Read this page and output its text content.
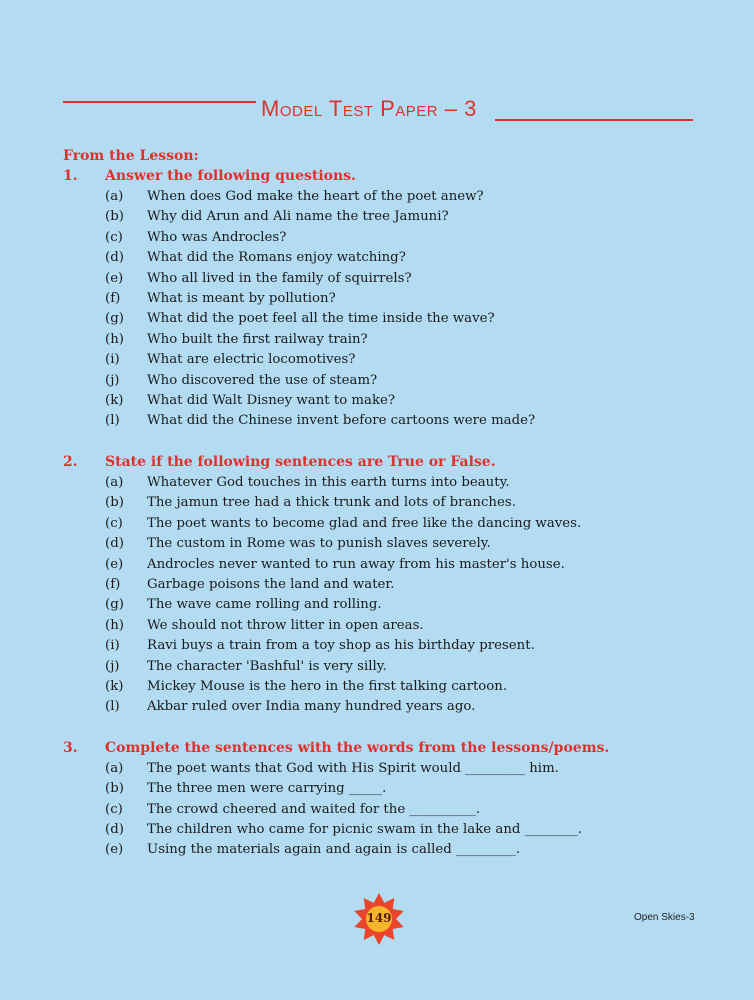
Model Test Paper – 3
From the Lesson:
1.	Answer the following questions.
(a)	When does God make the heart of the poet anew?
(b)	Why did Arun and Ali name the tree Jamuni?
(c)	Who was Androcles?
(d)	What did the Romans enjoy watching?
(e)	Who all lived in the family of squirrels?
(f)	What is meant by pollution?
(g)	What did the poet feel all the time inside the wave?
(h)	Who built the first railway train?
(i)	What are electric locomotives?
(j)	Who discovered the use of steam?
(k)	What did Walt Disney want to make?
(l)	What did the Chinese invent before cartoons were made?
2.	State if the following sentences are True or False.
(a)	Whatever God touches in this earth turns into beauty.
(b)	The jamun tree had a thick trunk and lots of branches.
(c)	The poet wants to become glad and free like the dancing waves.
(d)	The custom in Rome was to punish slaves severely.
(e)	Androcles never wanted to run away from his master's house.
(f)	Garbage poisons the land and water.
(g)	The wave came rolling and rolling.
(h)	We should not throw litter in open areas.
(i)	Ravi buys a train from a toy shop as his birthday present.
(j)	The character 'Bashful' is very silly.
(k)	Mickey Mouse is the hero in the first talking cartoon.
(l)	Akbar ruled over India many hundred years ago.
3.	Complete the sentences with the words from the lessons/poems.
(a)	The poet wants that God with His Spirit would _________ him.
(b)	The three men were carrying _____.
(c)	The crowd cheered and waited for the __________.
(d)	The children who came for picnic swam in the lake and ________.
(e)	Using the materials again and again is called _________.
149	Open Skies-3
